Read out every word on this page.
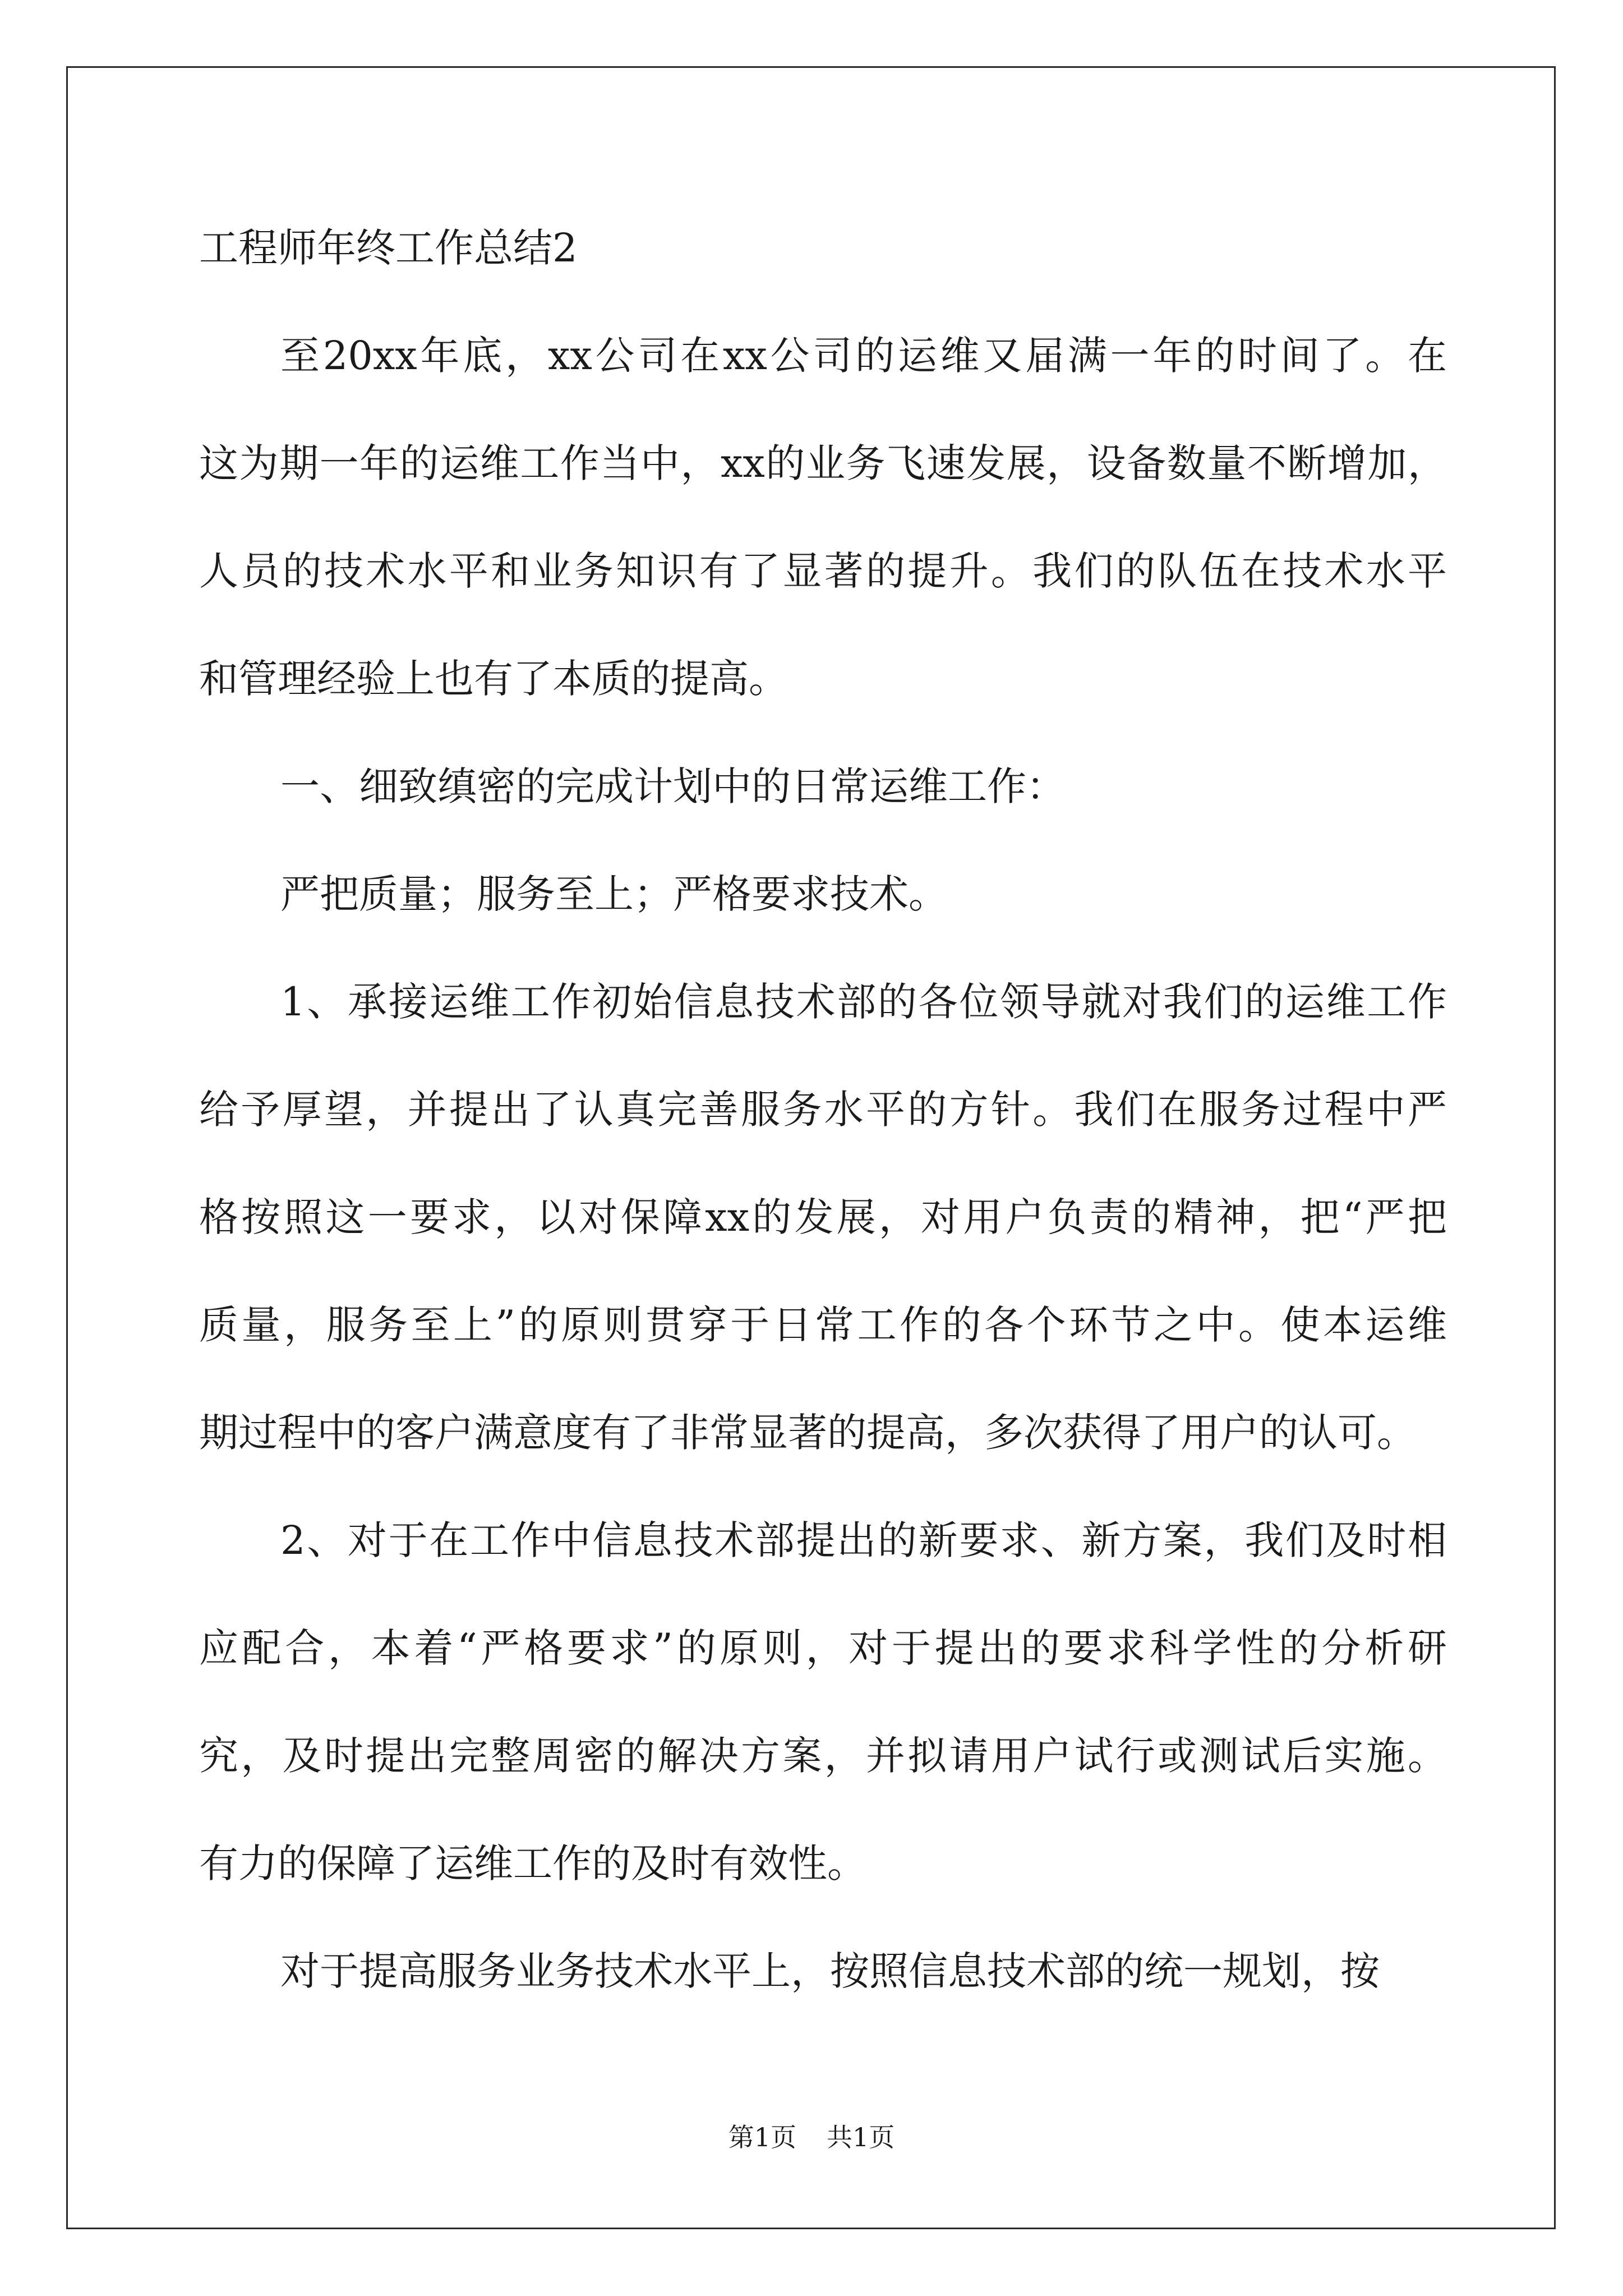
工程师年终工作总结2
至20xx年底，xx公司在xx公司的运维又届满一年的时间了。在
这为期一年的运维工作当中，xx的业务飞速发展，设备数量不断增加，
人员的技术水平和业务知识有了显著的提升。我们的队伍在技术水平
和管理经验上也有了本质的提高。
一、细致缜密的完成计划中的日常运维工作：
严把质量；服务至上；严格要求技术。
1、承接运维工作初始信息技术部的各位领导就对我们的运维工作
给予厚望，并提出了认真完善服务水平的方针。我们在服务过程中严
格按照这一要求，以对保障xx的发展，对用户负责的精神，把“严把
质量，服务至上”的原则贯穿于日常工作的各个环节之中。使本运维
期过程中的客户满意度有了非常显著的提高，多次获得了用户的认可。
2、对于在工作中信息技术部提出的新要求、新方案，我们及时相
应配合，本着“严格要求”的原则，对于提出的要求科学性的分析研
究，及时提出完整周密的解决方案，并拟请用户试行或测试后实施。
有力的保障了运维工作的及时有效性。
对于提高服务业务技术水平上，按照信息技术部的统一规划，按
第1页 共1页
